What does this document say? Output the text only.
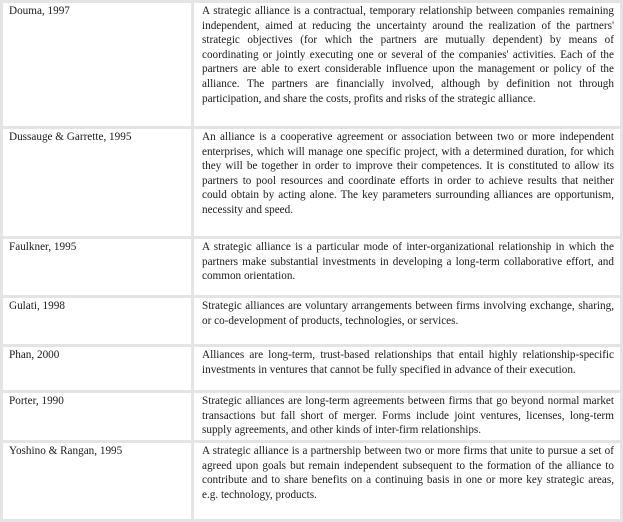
Douma, 1997	A strategic alliance is a contractual, temporary relationship between companies remaining independent, aimed at reducing the uncertainty around the realization of the partners' strategic objectives (for which the partners are mutually dependent) by means of coordinating or jointly executing one or several of the companies' activities. Each of the partners are able to exert considerable influence upon the management or policy of the alliance. The partners are financially involved, although by definition not through participation, and share the costs, profits and risks of the strategic alliance.
Dussauge & Garrette, 1995	An alliance is a cooperative agreement or association between two or more independent enterprises, which will manage one specific project, with a determined duration, for which they will be together in order to improve their competences. It is constituted to allow its partners to pool resources and coordinate efforts in order to achieve results that neither could obtain by acting alone. The key parameters surrounding alliances are opportunism, necessity and speed.
Faulkner, 1995	A strategic alliance is a particular mode of inter-organizational relationship in which the partners make substantial investments in developing a long-term collaborative effort, and common orientation.
Gulati, 1998	Strategic alliances are voluntary arrangements between firms involving exchange, sharing, or co-development of products, technologies, or services.
Phan, 2000	Alliances are long-term, trust-based relationships that entail highly relationship-specific investments in ventures that cannot be fully specified in advance of their execution.
Porter, 1990	Strategic alliances are long-term agreements between firms that go beyond normal market transactions but fall short of merger. Forms include joint ventures, licenses, long-term supply agreements, and other kinds of inter-firm relationships.
Yoshino & Rangan, 1995	A strategic alliance is a partnership between two or more firms that unite to pursue a set of agreed upon goals but remain independent subsequent to the formation of the alliance to contribute and to share benefits on a continuing basis in one or more key strategic areas, e.g. technology, products.
